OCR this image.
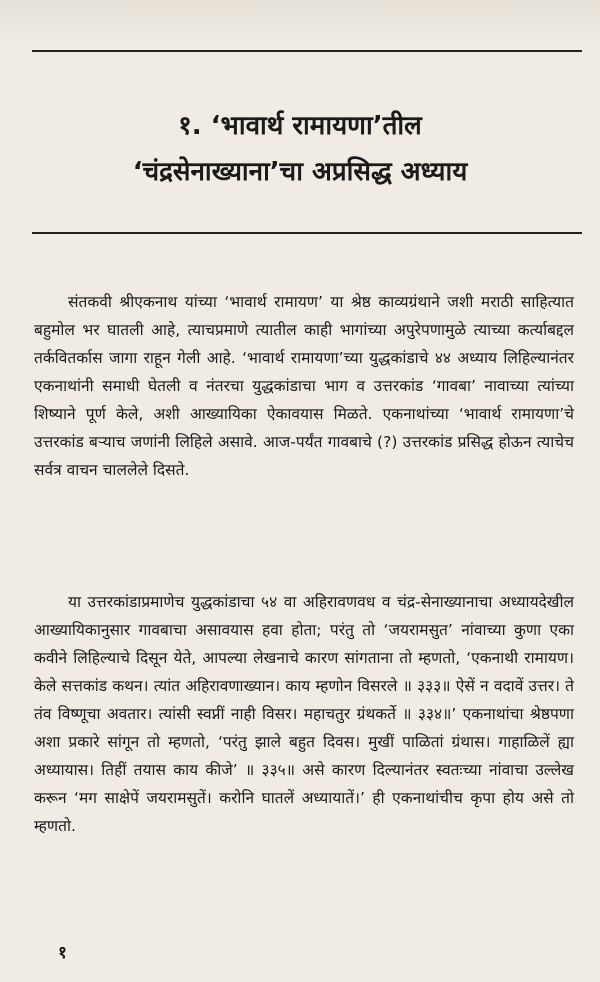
१. ‘भावार्थ रामायणा’तील
‘चंद्रसेनाख्याना’चा अप्रसिद्ध अध्याय

संतकवी श्रीएकनाथ यांच्या ‘भावार्थ रामायण’ या श्रेष्ठ काव्यग्रंथाने जशी मराठी साहित्यात बहुमोल भर घातली आहे, त्याचप्रमाणे त्यातील काही भागांच्या अपुरेपणामुळे त्याच्या कर्त्याबद्दल तर्कवितर्कास जागा राहून गेली आहे. ‘भावार्थ रामायणा’च्या युद्धकांडाचे ४४ अध्याय लिहिल्यानंतर एकनाथांनी समाधी घेतली व नंतरचा युद्धकांडाचा भाग व उत्तरकांड ‘गावबा’ नावाच्या त्यांच्या शिष्याने पूर्ण केले, अशी आख्यायिका ऐकावयास मिळते. एकनाथांच्या ‘भावार्थ रामायणा’चे उत्तरकांड बऱ्याच जणांनी लिहिले असावे. आज-पर्यंत गावबाचे (?) उत्तरकांड प्रसिद्ध होऊन त्याचेच सर्वत्र वाचन चाललेले दिसते.

या उत्तरकांडाप्रमाणेच युद्धकांडाचा ५४ वा अहिरावणवध व चंद्र-सेनाख्यानाचा अध्यायदेखील आख्यायिकानुसार गावबाचा असावयास हवा होता; परंतु तो ‘जयरामसुत’ नांवाच्या कुणा एका कवीने लिहिल्याचे दिसून येते, आपल्या लेखनाचे कारण सांगताना तो म्हणतो, ‘एकनाथी रामायण। केले सत्तकांड कथन। त्यांत अहिरावणाख्यान। काय म्हणोन विसरले ॥ ३३३॥ ऐसें न वदावें उत्तर। ते तंव विष्णूचा अवतार। त्यांसी स्वप्नीं नाही विसर। महाचतुर ग्रंथकर्ते ॥ ३३४॥’ एकनाथांचा श्रेष्ठपणा अशा प्रकारे सांगून तो म्हणतो, ‘परंतु झाले बहुत दिवस। मुखीं पाळितां ग्रंथास। गाहाळिलें ह्या अध्यायास। तिहीं तयास काय कीजे’ ॥ ३३५॥ असे कारण दिल्यानंतर स्वतःच्या नांवाचा उल्लेख करून ‘मग साक्षेपें जयरामसुतें। करोनि घातलें अध्यायातें।’ ही एकनाथांचीच कृपा होय असे तो म्हणतो.

१
